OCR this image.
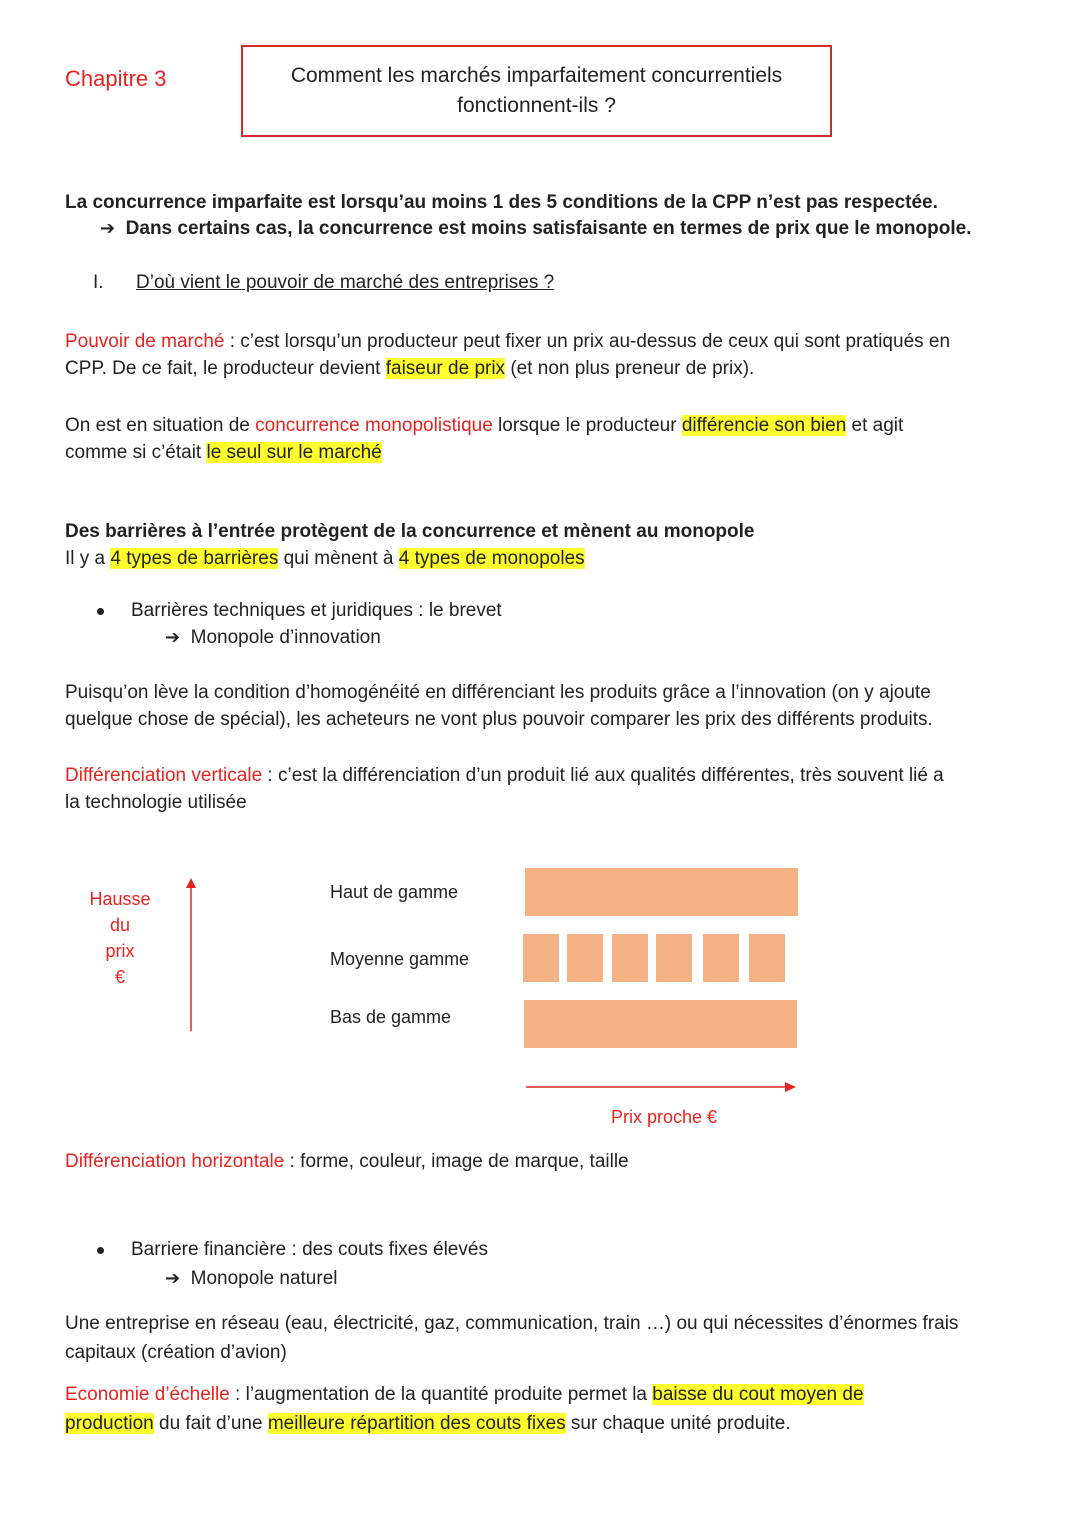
Chapitre 3	Comment les marchés imparfaitement concurrentiels
fonctionnent-ils ?
La concurrence imparfaite est lorsqu’au moins 1 des 5 conditions de la CPP n’est pas respectée.
➔ Dans certains cas, la concurrence est moins satisfaisante en termes de prix que le monopole.
I. D’où vient le pouvoir de marché des entreprises ?
Pouvoir de marché : c’est lorsqu’un producteur peut fixer un prix au-dessus de ceux qui sont pratiqués en
CPP. De ce fait, le producteur devient faiseur de prix (et non plus preneur de prix).
On est en situation de concurrence monopolistique lorsque le producteur différencie son bien et agit
comme si c’était le seul sur le marché
Des barrières à l’entrée protègent de la concurrence et mènent au monopole
Il y a 4 types de barrières qui mènent à 4 types de monopoles
Barrières techniques et juridiques : le brevet
➔ Monopole d’innovation
Puisqu’on lève la condition d’homogénéité en différenciant les produits grâce a l’innovation (on y ajoute
quelque chose de spécial), les acheteurs ne vont plus pouvoir comparer les prix des différents produits.
Différenciation verticale : c’est la différenciation d’un produit lié aux qualités différentes, très souvent lié a
la technologie utilisée
Hausse
du
prix
€
Haut de gamme
Moyenne gamme
Bas de gamme
Prix proche €
Différenciation horizontale : forme, couleur, image de marque, taille
Barriere financière : des couts fixes élevés
➔ Monopole naturel
Une entreprise en réseau (eau, électricité, gaz, communication, train …) ou qui nécessites d’énormes frais
capitaux (création d’avion)
Economie d’échelle : l’augmentation de la quantité produite permet la baisse du cout moyen de
production du fait d’une meilleure répartition des couts fixes sur chaque unité produite.
